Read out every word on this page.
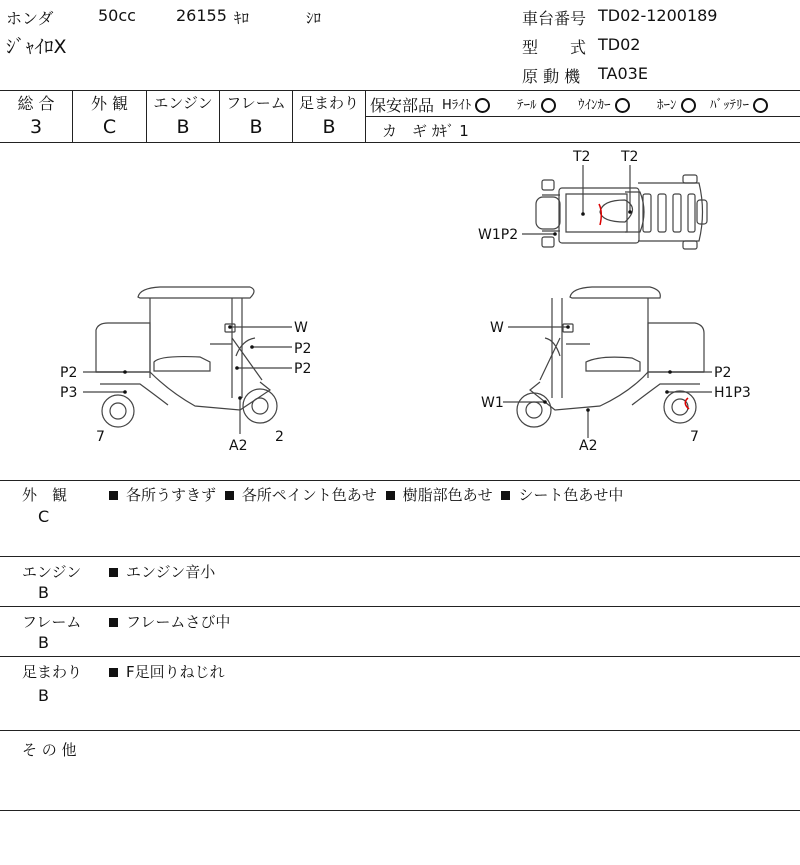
ホンダ	50cc	26155 ｷﾛ	ｼﾛ
ｼﾞｬｲﾛX
車台番号 TD02-1200189
型　　式 TD02
原 動 機 TA03E
総 合	外 観	エンジン フレーム 足まわり
3	C	B	B	B
保安部品 Hﾗｲﾄ	ﾃｰﾙ	ｳｲﾝｶｰ	ﾎｰﾝ	ﾊﾞｯﾃﾘｰ
カ　ギ ｶｷﾞ 1
T2 T2
W1P2
W
P2
P2
P2
P3
7
A2
2
W
P2
H1P3
W1
A2
7
外　観
C
各所うすきず 各所ペイント色あせ 樹脂部色あせ シート色あせ中
エンジン
B
エンジン音小
フレーム
B
フレームさび中
足まわり
B
F足回りねじれ
そ の 他
